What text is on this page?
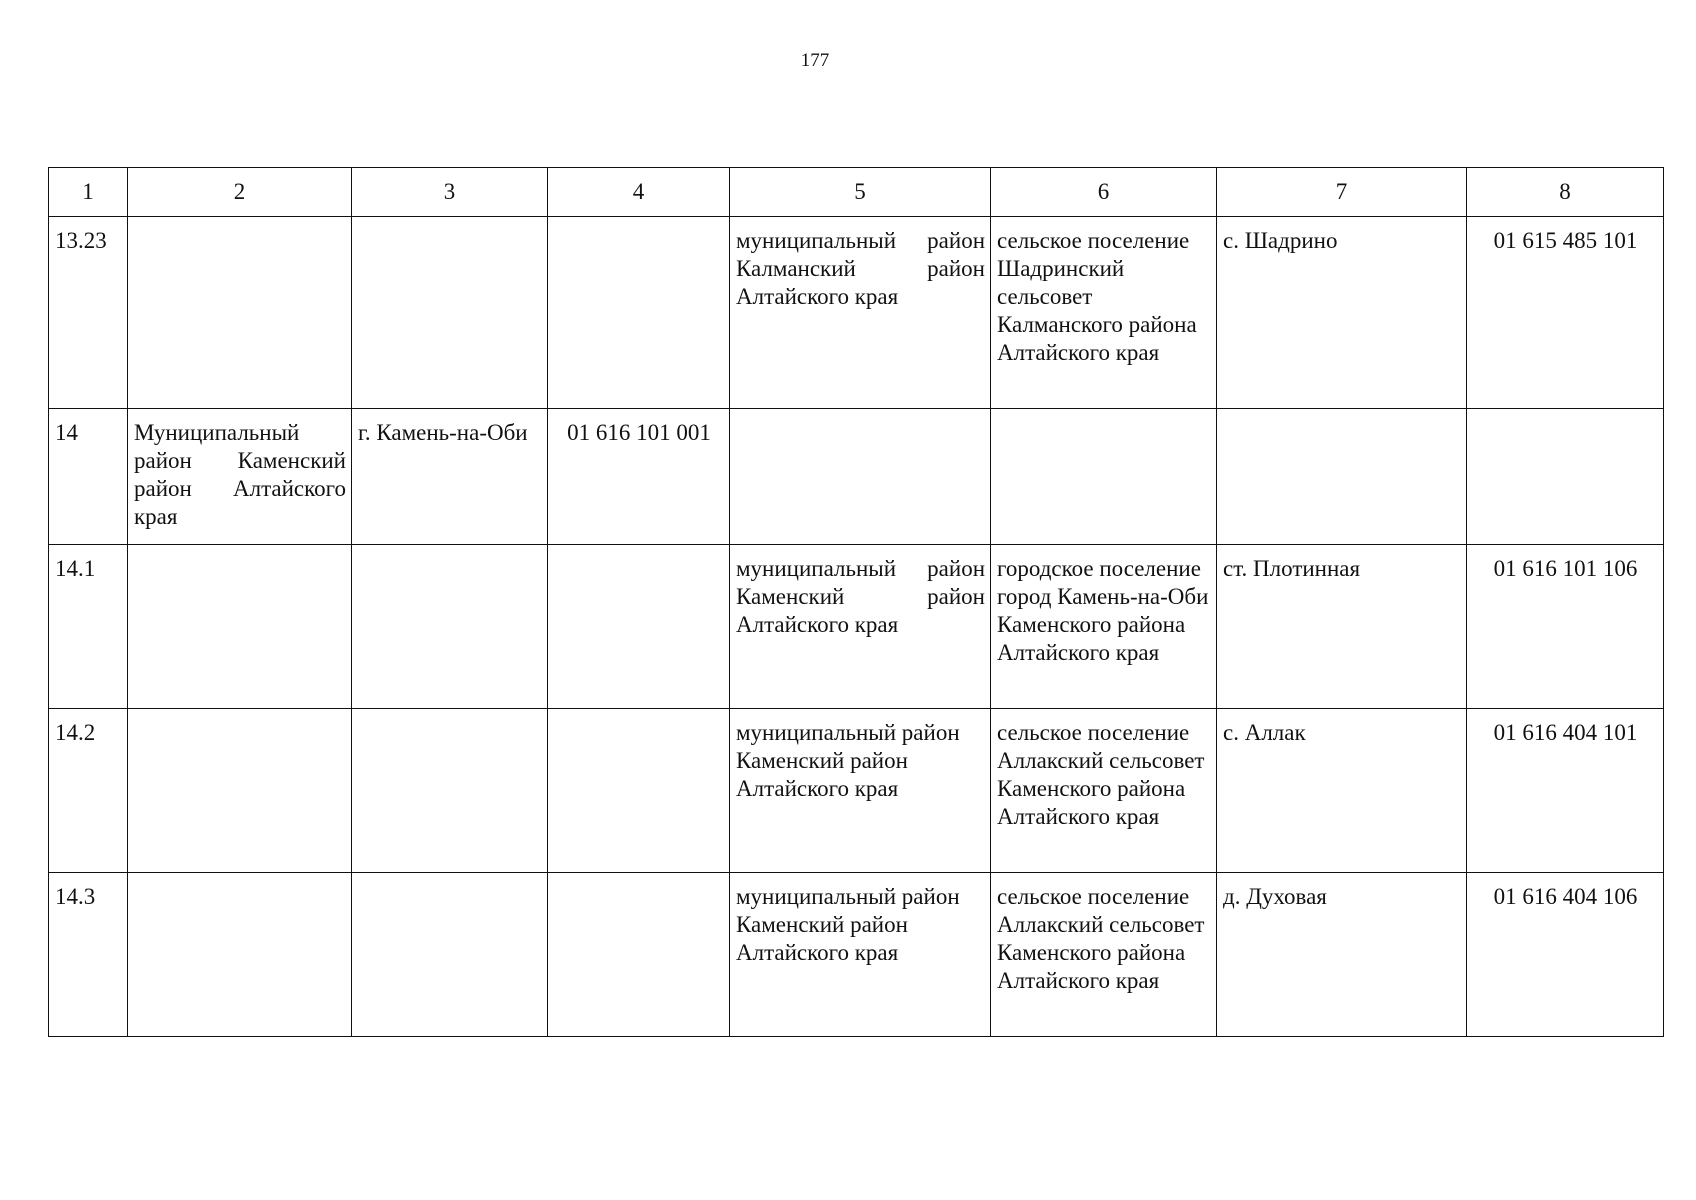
177
1	2	3	4	5	6	7	8
13.23				муниципальный район Калманский район Алтайского края	сельское поселение Шадринский сельсовет Калманского района Алтайского края	с. Шадрино	01 615 485 101
14	Муниципальный район Каменский район Алтайского края	г. Камень-на-Оби	01 616 101 001				
14.1				муниципальный район Каменский район Алтайского края	городское поселение город Камень-на-Оби Каменского района Алтайского края	ст. Плотинная	01 616 101 106
14.2				муниципальный район Каменский район Алтайского края	сельское поселение Аллакский сельсовет Каменского района Алтайского края	с. Аллак	01 616 404 101
14.3				муниципальный район Каменский район Алтайского края	сельское поселение Аллакский сельсовет Каменского района Алтайского края	д. Духовая	01 616 404 106
